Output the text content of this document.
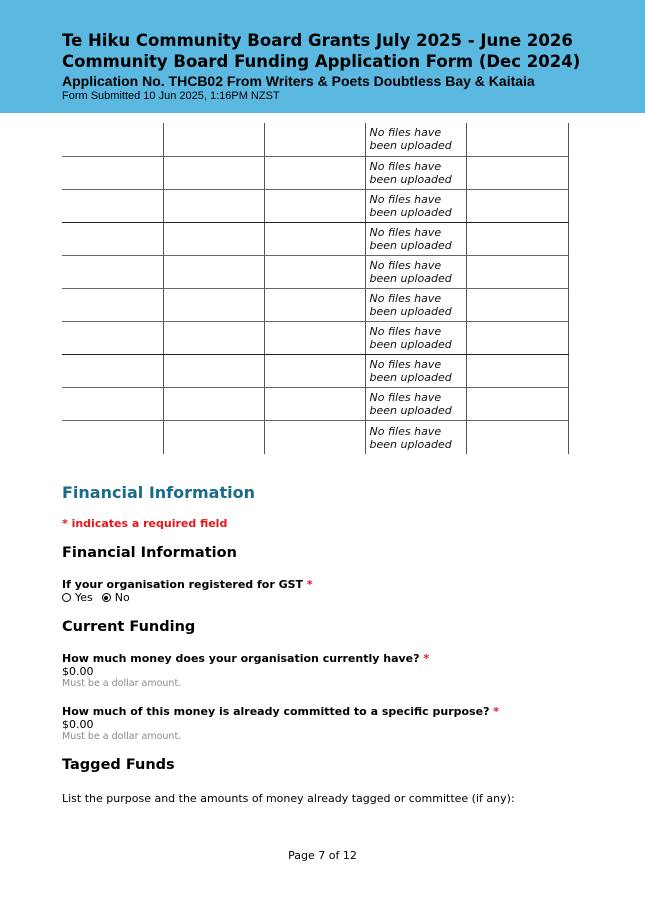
Te Hiku Community Board Grants July 2025 - June 2026
Community Board Funding Application Form (Dec 2024)
Application No. THCB02 From Writers & Poets Doubtless Bay & Kaitaia
Form Submitted 10 Jun 2025, 1:16PM NZST

			No files have been uploaded	

			No files have been uploaded	

			No files have been uploaded	

			No files have been uploaded	

			No files have been uploaded	

			No files have been uploaded	

			No files have been uploaded	

			No files have been uploaded	

			No files have been uploaded	

			No files have been uploaded	

Financial Information
* indicates a required field
Financial Information
If your organisation registered for GST *
Yes No
Current Funding
How much money does your organisation currently have? *
$0.00
Must be a dollar amount.
How much of this money is already committed to a specific purpose? *
$0.00
Must be a dollar amount.
Tagged Funds
List the purpose and the amounts of money already tagged or committee (if any):
Page 7 of 12
